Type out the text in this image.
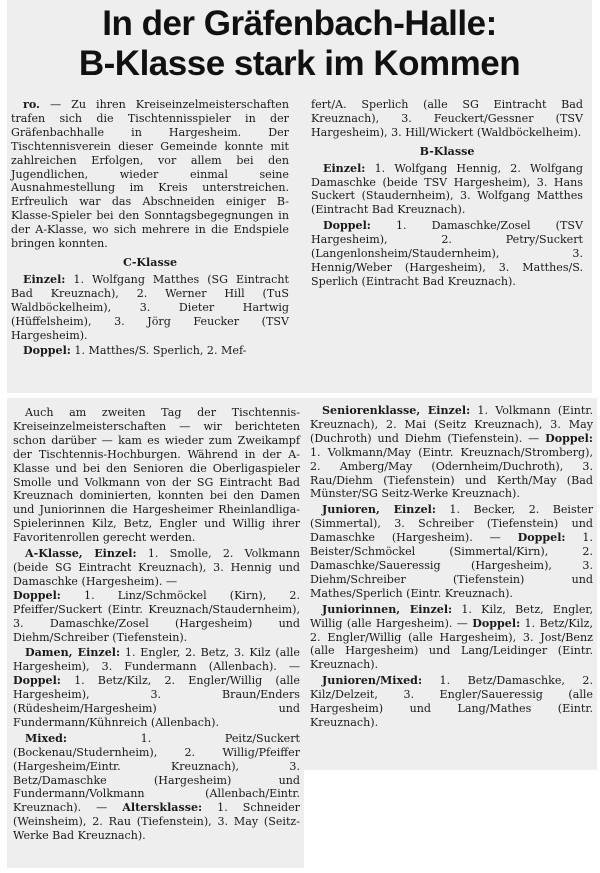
In der Gräfenbach-Halle:
B-Klasse stark im Kommen

ro. — Zu ihren Kreiseinzelmeisterschaften trafen sich die Tischtennisspieler in der Gräfenbachhalle in Hargesheim. Der Tischtennisverein dieser Gemeinde konnte mit zahlreichen Erfolgen, vor allem bei den Jugendlichen, wieder einmal seine Ausnahmestellung im Kreis unterstreichen. Erfreulich war das Abschneiden einiger B-Klasse-Spieler bei den Sonntagsbegegnungen in der A-Klasse, wo sich mehrere in die Endspiele bringen konnten.

C-Klasse

Einzel: 1. Wolfgang Matthes (SG Eintracht Bad Kreuznach), 2. Werner Hill (TuS Waldböckelheim), 3. Dieter Hartwig (Hüffelsheim), 3. Jörg Feucker (TSV Hargesheim).

Doppel: 1. Matthes/S. Sperlich, 2. Mef-

fert/A. Sperlich (alle SG Eintracht Bad Kreuznach), 3. Feuckert/Gessner (TSV Hargesheim), 3. Hill/Wickert (Waldböckelheim).

B-Klasse

Einzel: 1. Wolfgang Hennig, 2. Wolfgang Damaschke (beide TSV Hargesheim), 3. Hans Suckert (Staudernheim), 3. Wolfgang Matthes (Eintracht Bad Kreuznach).

Doppel: 1. Damaschke/Zosel (TSV Hargesheim), 2. Petry/Suckert (Langenlonsheim/Staudernheim), 3. Hennig/Weber (Hargesheim), 3. Matthes/S. Sperlich (Eintracht Bad Kreuznach).

Auch am zweiten Tag der Tischtennis-Kreiseinzelmeisterschaften — wir berichteten schon darüber — kam es wieder zum Zweikampf der Tischtennis-Hochburgen. Während in der A-Klasse und bei den Senioren die Oberligaspieler Smolle und Volkmann von der SG Eintracht Bad Kreuznach dominierten, konnten bei den Damen und Juniorinnen die Hargesheimer Rheinlandliga-Spielerinnen Kilz, Betz, Engler und Willig ihrer Favoritenrollen gerecht werden.

A-Klasse, Einzel: 1. Smolle, 2. Volkmann (beide SG Eintracht Kreuznach), 3. Hennig und Damaschke (Hargesheim). —
Doppel: 1. Linz/Schmöckel (Kirn), 2. Pfeiffer/Suckert (Eintr. Kreuznach/Staudernheim), 3. Damaschke/Zosel (Hargesheim) und Diehm/Schreiber (Tiefenstein).

Damen, Einzel: 1. Engler, 2. Betz, 3. Kilz (alle Hargesheim), 3. Fundermann (Allenbach). — Doppel: 1. Betz/Kilz, 2. Engler/Willig (alle Hargesheim), 3. Braun/Enders (Rüdesheim/Hargesheim) und Fundermann/Kühnreich (Allenbach).

Mixed: 1. Peitz/Suckert (Bockenau/Studernheim), 2. Willig/Pfeiffer (Hargesheim/Eintr. Kreuznach), 3. Betz/Damaschke (Hargesheim) und Fundermann/Volkmann (Allenbach/Eintr. Kreuznach). — Altersklasse: 1. Schneider (Weinsheim), 2. Rau (Tiefenstein), 3. May (Seitz-Werke Bad Kreuznach).

Seniorenklasse, Einzel: 1. Volkmann (Eintr. Kreuznach), 2. Mai (Seitz Kreuznach), 3. May (Duchroth) und Diehm (Tiefenstein). — Doppel: 1. Volkmann/May (Eintr. Kreuznach/Stromberg), 2. Amberg/May (Odernheim/Duchroth), 3. Rau/Diehm (Tiefenstein) und Kerth/May (Bad Münster/SG Seitz-Werke Kreuznach).

Junioren, Einzel: 1. Becker, 2. Beister (Simmertal), 3. Schreiber (Tiefenstein) und Damaschke (Hargesheim). — Doppel: 1. Beister/Schmöckel (Simmertal/Kirn), 2. Damaschke/Saueressig (Hargesheim), 3. Diehm/Schreiber (Tiefenstein) und Mathes/Sperlich (Eintr. Kreuznach).

Juniorinnen, Einzel: 1. Kilz, Betz, Engler, Willig (alle Hargesheim). — Doppel: 1. Betz/Kilz, 2. Engler/Willig (alle Hargesheim), 3. Jost/Benz (alle Hargesheim) und Lang/Leidinger (Eintr. Kreuznach).

Junioren/Mixed: 1. Betz/Damaschke, 2. Kilz/Delzeit, 3. Engler/Saueressig (alle Hargesheim) und Lang/Mathes (Eintr. Kreuznach).
